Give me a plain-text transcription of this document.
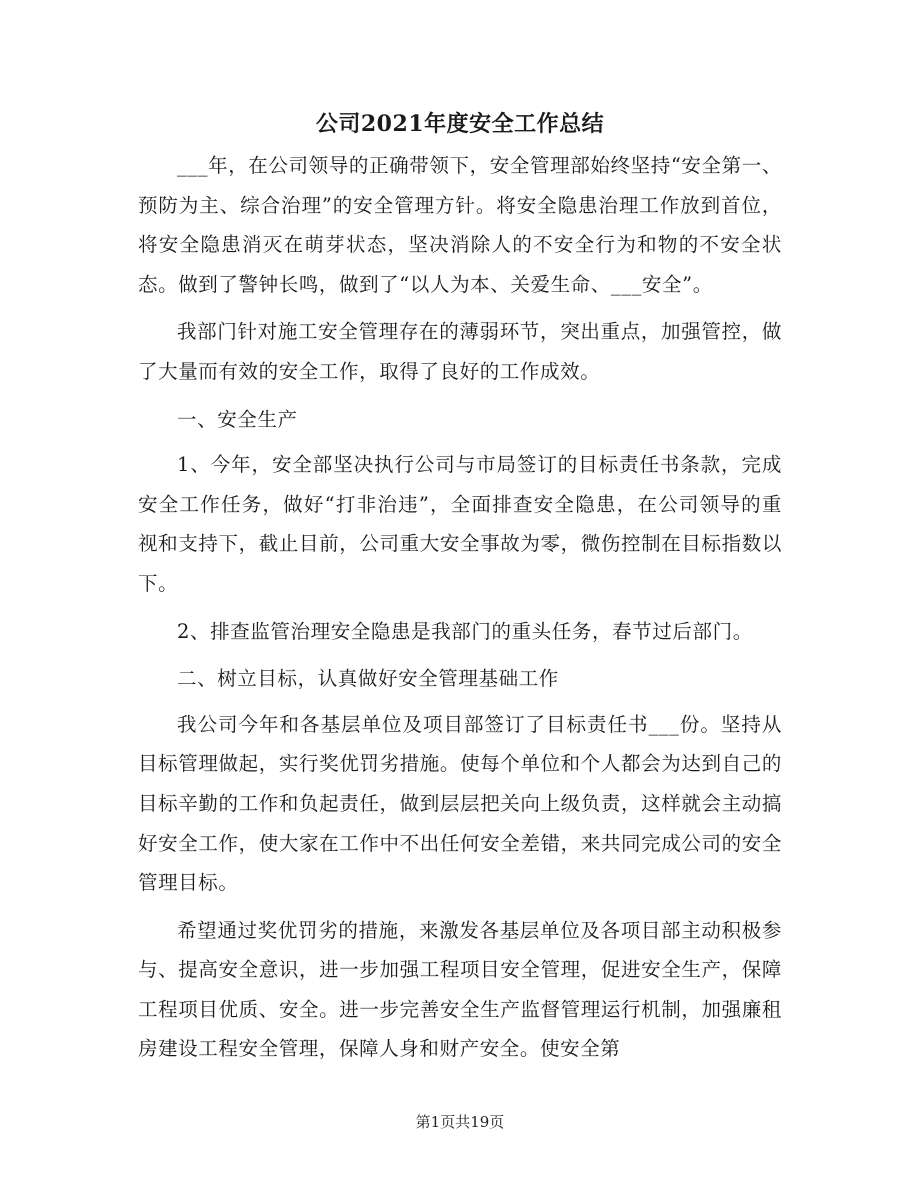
公司2021年度安全工作总结

___年，在公司领导的正确带领下，安全管理部始终坚持“安全第一、预防为主、综合治理”的安全管理方针。将安全隐患治理工作放到首位，将安全隐患消灭在萌芽状态，坚决消除人的不安全行为和物的不安全状态。做到了警钟长鸣，做到了“以人为本、关爱生命、___安全”。

我部门针对施工安全管理存在的薄弱环节，突出重点，加强管控，做了大量而有效的安全工作，取得了良好的工作成效。

一、安全生产

1、今年，安全部坚决执行公司与市局签订的目标责任书条款，完成安全工作任务，做好“打非治违”，全面排查安全隐患，在公司领导的重视和支持下，截止目前，公司重大安全事故为零，微伤控制在目标指数以下。

2、排查监管治理安全隐患是我部门的重头任务，春节过后部门。

二、树立目标，认真做好安全管理基础工作

我公司今年和各基层单位及项目部签订了目标责任书___份。坚持从目标管理做起，实行奖优罚劣措施。使每个单位和个人都会为达到自己的目标辛勤的工作和负起责任，做到层层把关向上级负责，这样就会主动搞好安全工作，使大家在工作中不出任何安全差错，来共同完成公司的安全管理目标。

希望通过奖优罚劣的措施，来激发各基层单位及各项目部主动积极参与、提高安全意识，进一步加强工程项目安全管理，促进安全生产，保障工程项目优质、安全。进一步完善安全生产监督管理运行机制，加强廉租房建设工程安全管理，保障人身和财产安全。使安全第

第1页共19页
